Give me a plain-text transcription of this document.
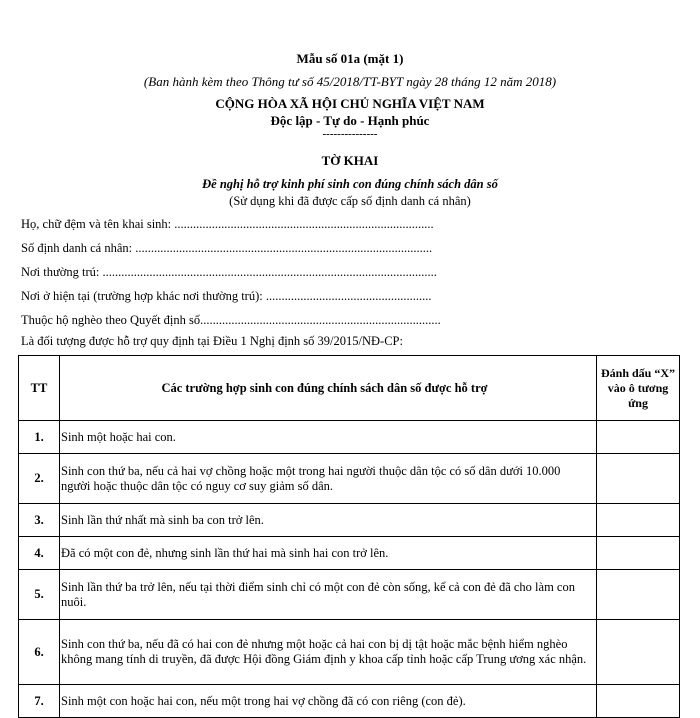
Mẫu số 01a (mặt 1)
(Ban hành kèm theo Thông tư số 45/2018/TT-BYT ngày 28 tháng 12 năm 2018)
CỘNG HÒA XÃ HỘI CHỦ NGHĨA VIỆT NAM
Độc lập - Tự do - Hạnh phúc
---------------
TỜ KHAI
Đề nghị hỗ trợ kinh phí sinh con đúng chính sách dân số
(Sử dụng khi đã được cấp số định danh cá nhân)
Họ, chữ đệm và tên khai sinh: ...................................................................................
Số định danh cá nhân: ...............................................................................................
Nơi thường trú: ...........................................................................................................
Nơi ở hiện tại (trường hợp khác nơi thường trú): .....................................................
Thuộc hộ nghèo theo Quyết định số.............................................................................
Là đối tượng được hỗ trợ quy định tại Điều 1 Nghị định số 39/2015/NĐ-CP:
TT	Các trường hợp sinh con đúng chính sách dân số được hỗ trợ	Đánh dấu “X” vào ô tương ứng
1.	Sinh một hoặc hai con.	
2.	Sinh con thứ ba, nếu cả hai vợ chồng hoặc một trong hai người thuộc dân tộc có số dân dưới 10.000 người hoặc thuộc dân tộc có nguy cơ suy giảm số dân.	
3.	Sinh lần thứ nhất mà sinh ba con trở lên.	
4.	Đã có một con đẻ, nhưng sinh lần thứ hai mà sinh hai con trở lên.	
5.	Sinh lần thứ ba trở lên, nếu tại thời điểm sinh chỉ có một con đẻ còn sống, kể cả con đẻ đã cho làm con nuôi.	
6.	Sinh con thứ ba, nếu đã có hai con đẻ nhưng một hoặc cả hai con bị dị tật hoặc mắc bệnh hiểm nghèo không mang tính di truyền, đã được Hội đồng Giám định y khoa cấp tỉnh hoặc cấp Trung ương xác nhận.	
7.	Sinh một con hoặc hai con, nếu một trong hai vợ chồng đã có con riêng (con đẻ).	
